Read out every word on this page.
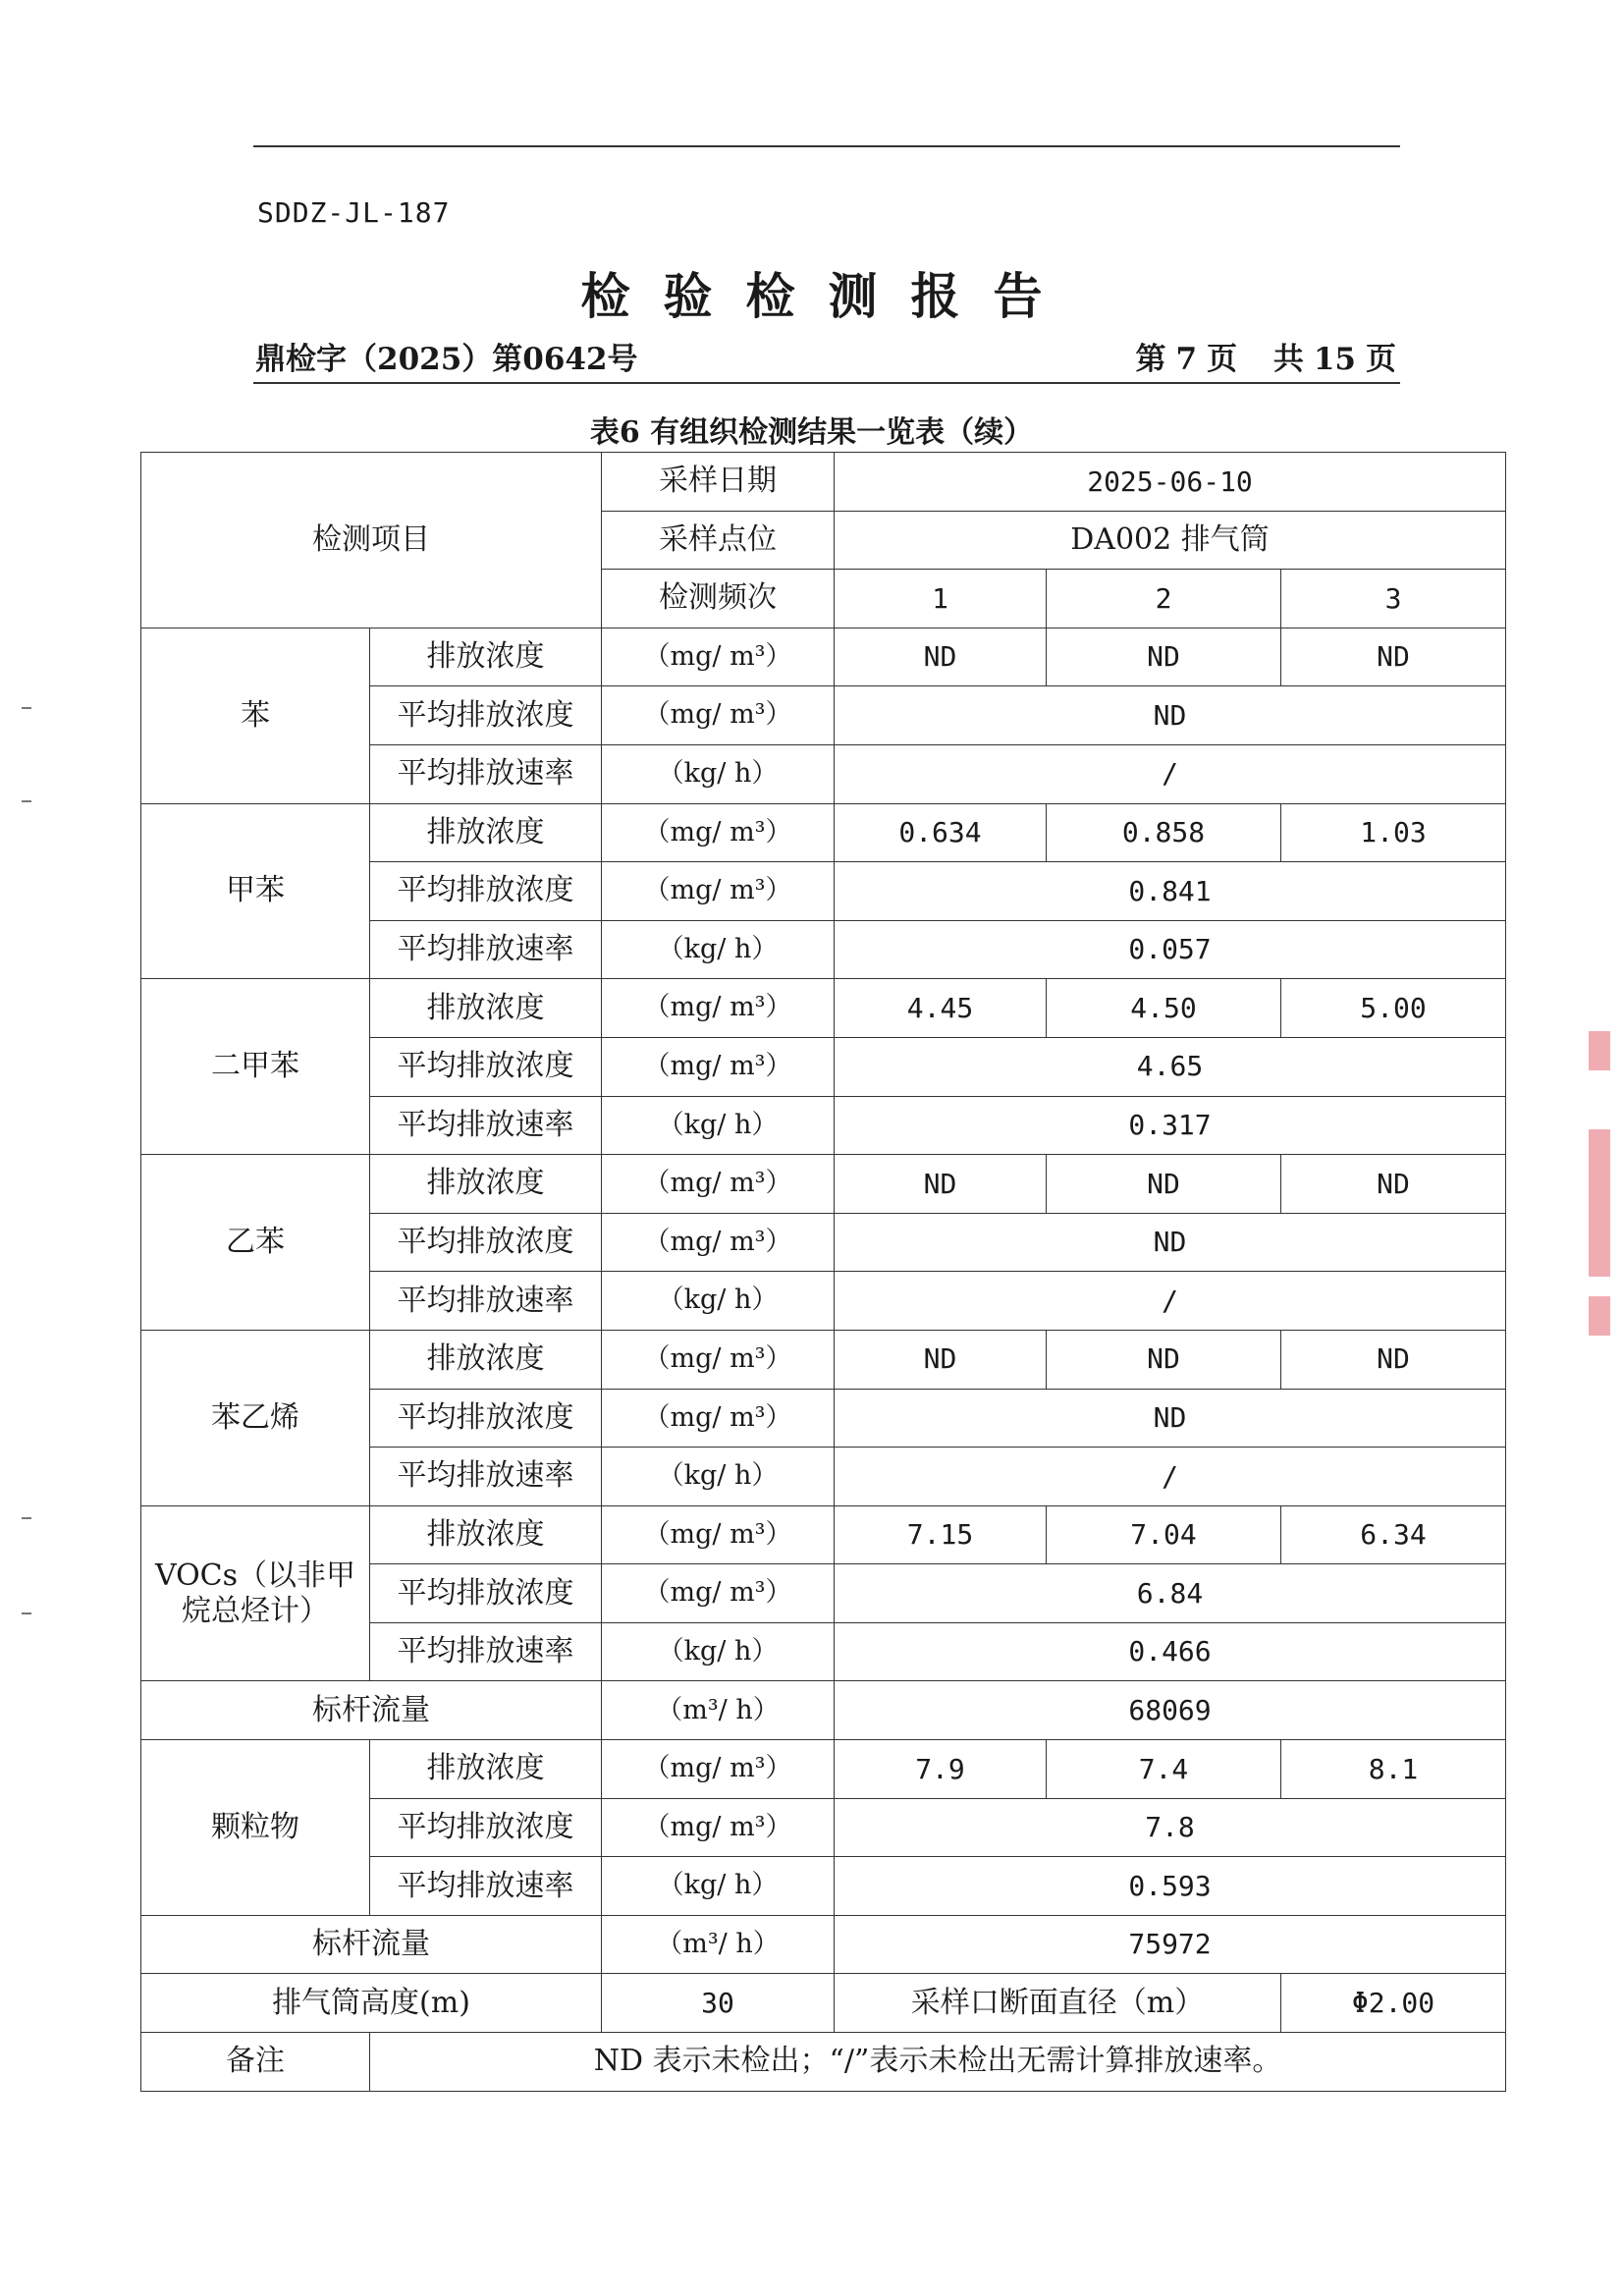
SDDZ-JL-187
检验检测报告
鼎检字（2025）第0642号	第 7 页 共 15 页
表6 有组织检测结果一览表（续）
检测项目		采样日期	2025-06-10		
		采样点位	DA002 排气筒		
		检测频次	1	2	3
苯	排放浓度	（mg/ m³）	ND	ND	ND
	平均排放浓度	（mg/ m³）	ND		
	平均排放速率	（kg/ h）	/		
甲苯	排放浓度	（mg/ m³）	0.634	0.858	1.03
	平均排放浓度	（mg/ m³）	0.841		
	平均排放速率	（kg/ h）	0.057		
二甲苯	排放浓度	（mg/ m³）	4.45	4.50	5.00
	平均排放浓度	（mg/ m³）	4.65		
	平均排放速率	（kg/ h）	0.317		
乙苯	排放浓度	（mg/ m³）	ND	ND	ND
	平均排放浓度	（mg/ m³）	ND		
	平均排放速率	（kg/ h）	/		
苯乙烯	排放浓度	（mg/ m³）	ND	ND	ND
	平均排放浓度	（mg/ m³）	ND		
	平均排放速率	（kg/ h）	/		
VOCs（以非甲烷总烃计）	排放浓度	（mg/ m³）	7.15	7.04	6.34
	平均排放浓度	（mg/ m³）	6.84		
	平均排放速率	（kg/ h）	0.466		
标杆流量		（m³/ h）	68069		
颗粒物	排放浓度	（mg/ m³）	7.9	7.4	8.1
	平均排放浓度	（mg/ m³）	7.8		
	平均排放速率	（kg/ h）	0.593		
标杆流量		（m³/ h）	75972		
排气筒高度(m)		30	采样口断面直径（m）		Φ2.00
备注	ND 表示未检出；“/”表示未检出无需计算排放速率。				
